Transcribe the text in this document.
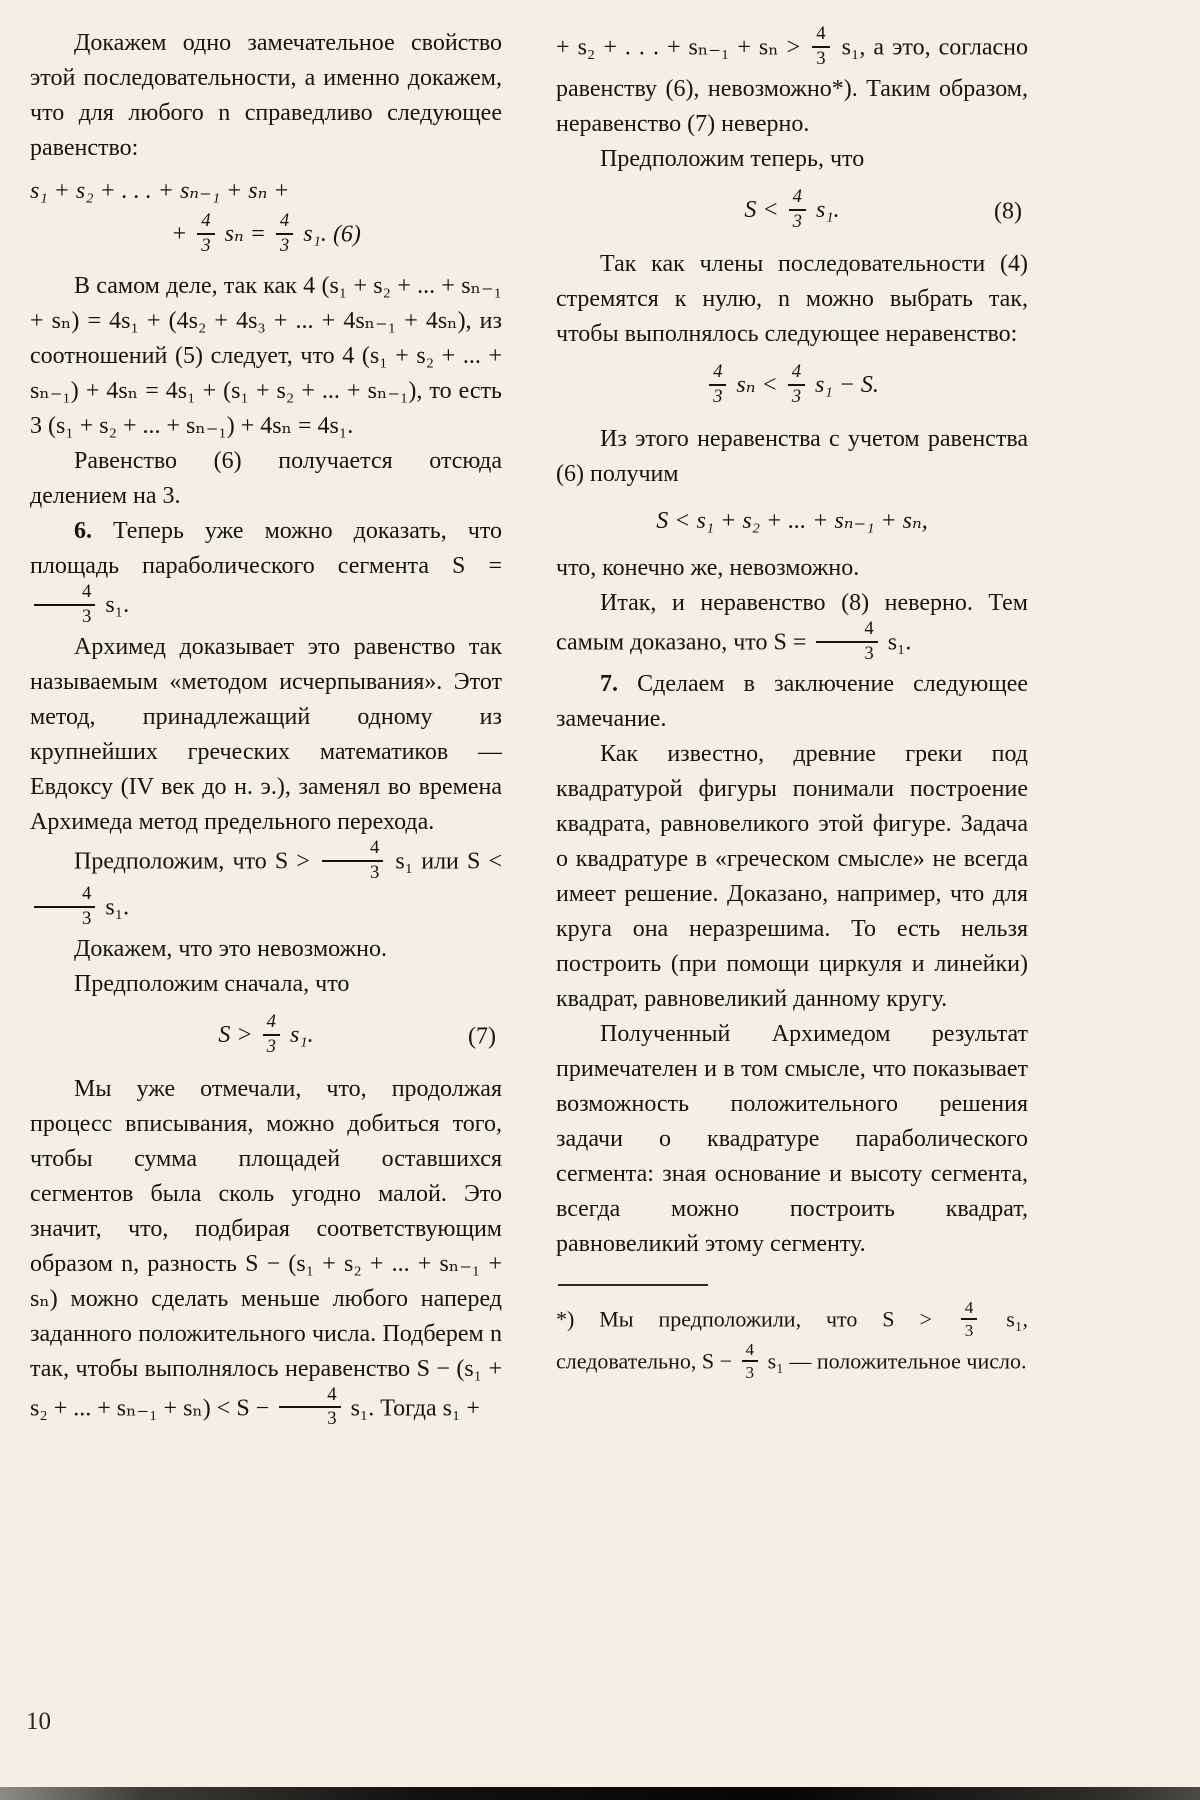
Докажем одно замечательное свойство этой последовательности, а именно докажем, что для любого n справедливо следующее равенство:

s₁ + s₂ + . . . + sₙ₋₁ + sₙ +
+ $\frac{4}{3}$ $s_n = \frac{4}{3} s_1$. (6)

В самом деле, так как 4 (s₁ + s₂ + ... + sₙ₋₁ + sₙ) = 4s₁ + (4s₂ + 4s₃ + ... + 4sₙ₋₁ + 4sₙ), из соотношений (5) следует, что 4 (s₁ + s₂ + ... + sₙ₋₁) + 4sₙ = 4s₁ + (s₁ + s₂ + ... + sₙ₋₁), то есть 3 (s₁ + s₂ + ... + sₙ₋₁) + 4sₙ = 4s₁.

Равенство (6) получается отсюда делением на 3.

6. Теперь уже можно доказать, что площадь параболического сегмента S =
$\frac{4}{3} s_1$.

Архимед доказывает это равенство так называемым «методом исчерпывания». Этот метод, принадлежащий одному из крупнейших греческих математиков — Евдоксу (IV век до н. э.), заменял во времена Архимеда метод предельного перехода.

Предположим, что $S > \frac{4}{3} s_1$ или S <
$\frac{4}{3} s_1$.

Докажем, что это невозможно.

Предположим сначала, что

$S > \frac{4}{3} s_1$.	(7)

Мы уже отмечали, что, продолжая процесс вписывания, можно добиться того, чтобы сумма площадей оставшихся сегментов была сколь угодно малой. Это значит, что, подбирая соответствующим образом n, разность S − (s₁ + s₂ + ... + sₙ₋₁ + sₙ) можно сделать меньше любого наперед заданного положительного числа. Подберем n так, чтобы выполнялось неравенство S − (s₁ + s₂ + ... + $s_{n-1} + s_n) < S - \frac{4}{3} s_1$. Тогда s₁ +

+ s₂ + . . . + $s_{n-1} + s_n > \frac{4}{3} s_1$, а это, согласно равенству (6), невозможно*). Таким образом, неравенство (7) неверно.

Предположим теперь, что

$S < \frac{4}{3} s_1$.	(8)

Так как члены последовательности (4) стремятся к нулю, n можно выбрать так, чтобы выполнялось следующее неравенство:

$\frac{4}{3}$ $s_n < \frac{4}{3} s_1 - S$.

Из этого неравенства с учетом равенства (6) получим

S < s₁ + s₂ + ... + sₙ₋₁ + sₙ,

что, конечно же, невозможно.

Итак, и неравенство (8) неверно. Тем самым доказано, что $S = \frac{4}{3} s_1$.

7. Сделаем в заключение следующее замечание.

Как известно, древние греки под квадратурой фигуры понимали построение квадрата, равновеликого этой фигуре. Задача о квадратуре в «греческом смысле» не всегда имеет решение. Доказано, например, что для круга она неразрешима. То есть нельзя построить (при помощи циркуля и линейки) квадрат, равновеликий данному кругу.

Полученный Архимедом результат примечателен и в том смысле, что показывает возможность положительного решения задачи о квадратуре параболического сегмента: зная основание и высоту сегмента, всегда можно построить квадрат, равновеликий этому сегменту.

*) Мы предположили, что $S > \frac{4}{3} s_1$, следовательно, $S - \frac{4}{3} s_1$ — положительное число.

10
